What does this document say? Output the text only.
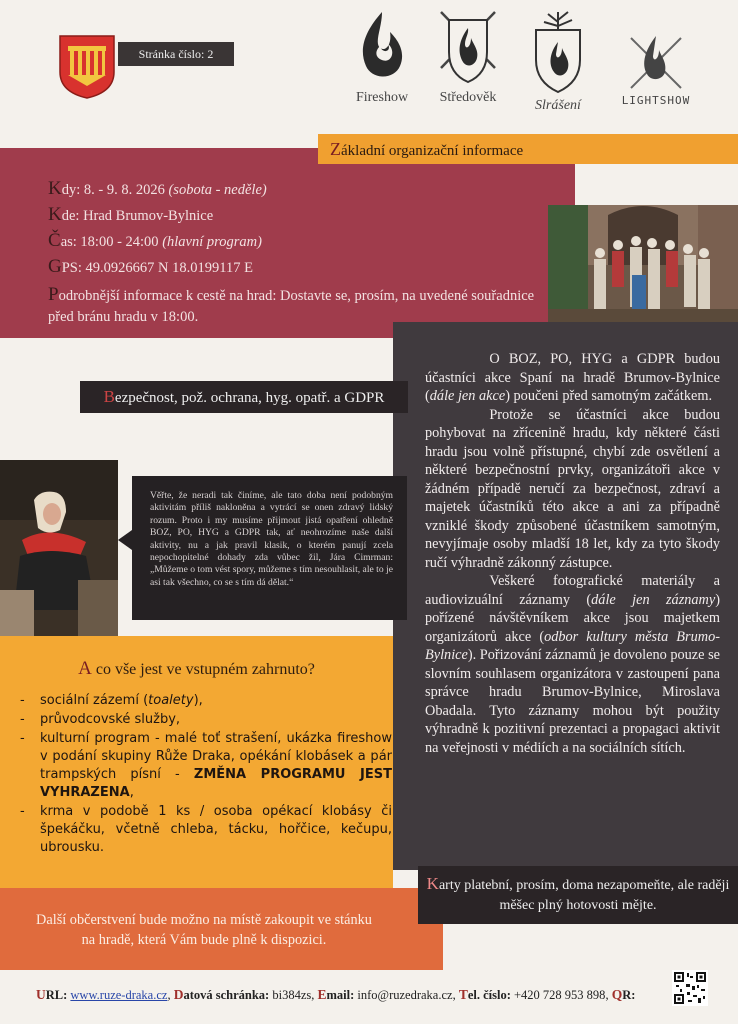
Stránka číslo: 2
Fireshow	Středověk
Slrášení	LIGHTSHOW
Základní organizační informace
Kdy: 8. - 9. 8. 2026 (sobota - neděle)
Kde: Hrad Brumov-Bylnice
Čas: 18:00 - 24:00 (hlavní program)
GPS: 49.0926667 N 18.0199117 E
Podrobnější informace k cestě na hrad: Dostavte se, prosím, na uvedené souřadnice před bránu hradu v 18:00.

O BOZ, PO, HYG a GDPR budou účastníci akce Spaní na hradě Brumov-Bylnice (dále jen akce) poučeni před samotným začátkem.

Protože se účastníci akce budou pohybovat na zřícenině hradu, kdy některé části hradu jsou volně přístupné, chybí zde osvětlení a některé bezpečnostní prvky, organizátoři akce v žádném případě neručí za bezpečnost, zdraví a majetek účastníků této akce a ani za případně vzniklé škody způsobené účastníkem samotným, nevyjímaje osoby mladší 18 let, kdy za tyto škody ručí výhradně zákonný zástupce.

Veškeré fotografické materiály a audiovizuální záznamy (dále jen záznamy) pořízené návštěvníkem akce jsou majetkem organizátorů akce (odbor kultury města Brumo-Bylnice). Pořizování záznamů je dovoleno pouze se slovním souhlasem organizátora v zastoupení pana správce hradu Brumov-Bylnice, Miroslava Obadala. Tyto záznamy mohou být použity výhradně k pozitivní prezentaci a propagaci aktivit na veřejnosti v médiích a na sociálních sítích.

Bezpečnost, pož. ochrana, hyg. opatř. a GDPR
Věřte, že neradi tak činíme, ale tato doba není podobným aktivitám příliš nakloněna a vytrácí se onen zdravý lidský rozum. Proto i my musíme přijmout jistá opatření ohledně BOZ, PO, HYG a GDPR tak, ať neohrozíme naše další aktivity, nu a jak pravil klasik, o kterém panují zcela nepochopitelné dohady zda vůbec žil, Jára Cimrman: „Můžeme o tom vést spory, můžeme s tím nesouhlasit, ale to je asi tak všechno, co se s tím dá dělat.“
A co vše jest ve vstupném zahrnuto?
- sociální zázemí (toalety),
- průvodcovské služby,
- kulturní program - malé toť strašení, ukázka fireshow v podání skupiny Růže Draka, opékání klobásek a pár trampských písní - ZMĚNA PROGRAMU JEST VYHRAZENA,
- krma v podobě 1 ks / osoba opékací klobásy či špekáčku, včetně chleba, tácku, hořčice, kečupu, ubrousku.
Další občerstvení bude možno na místě zakoupit ve stánku na hradě, která Vám bude plně k dispozici.
Karty platební, prosím, doma nezapomeňte, ale raději měšec plný hotovosti mějte.
URL: www.ruze-draka.cz, Datová schránka: bi384zs, Email: info@ruzedraka.cz, Tel. číslo: +420 728 953 898, QR:
